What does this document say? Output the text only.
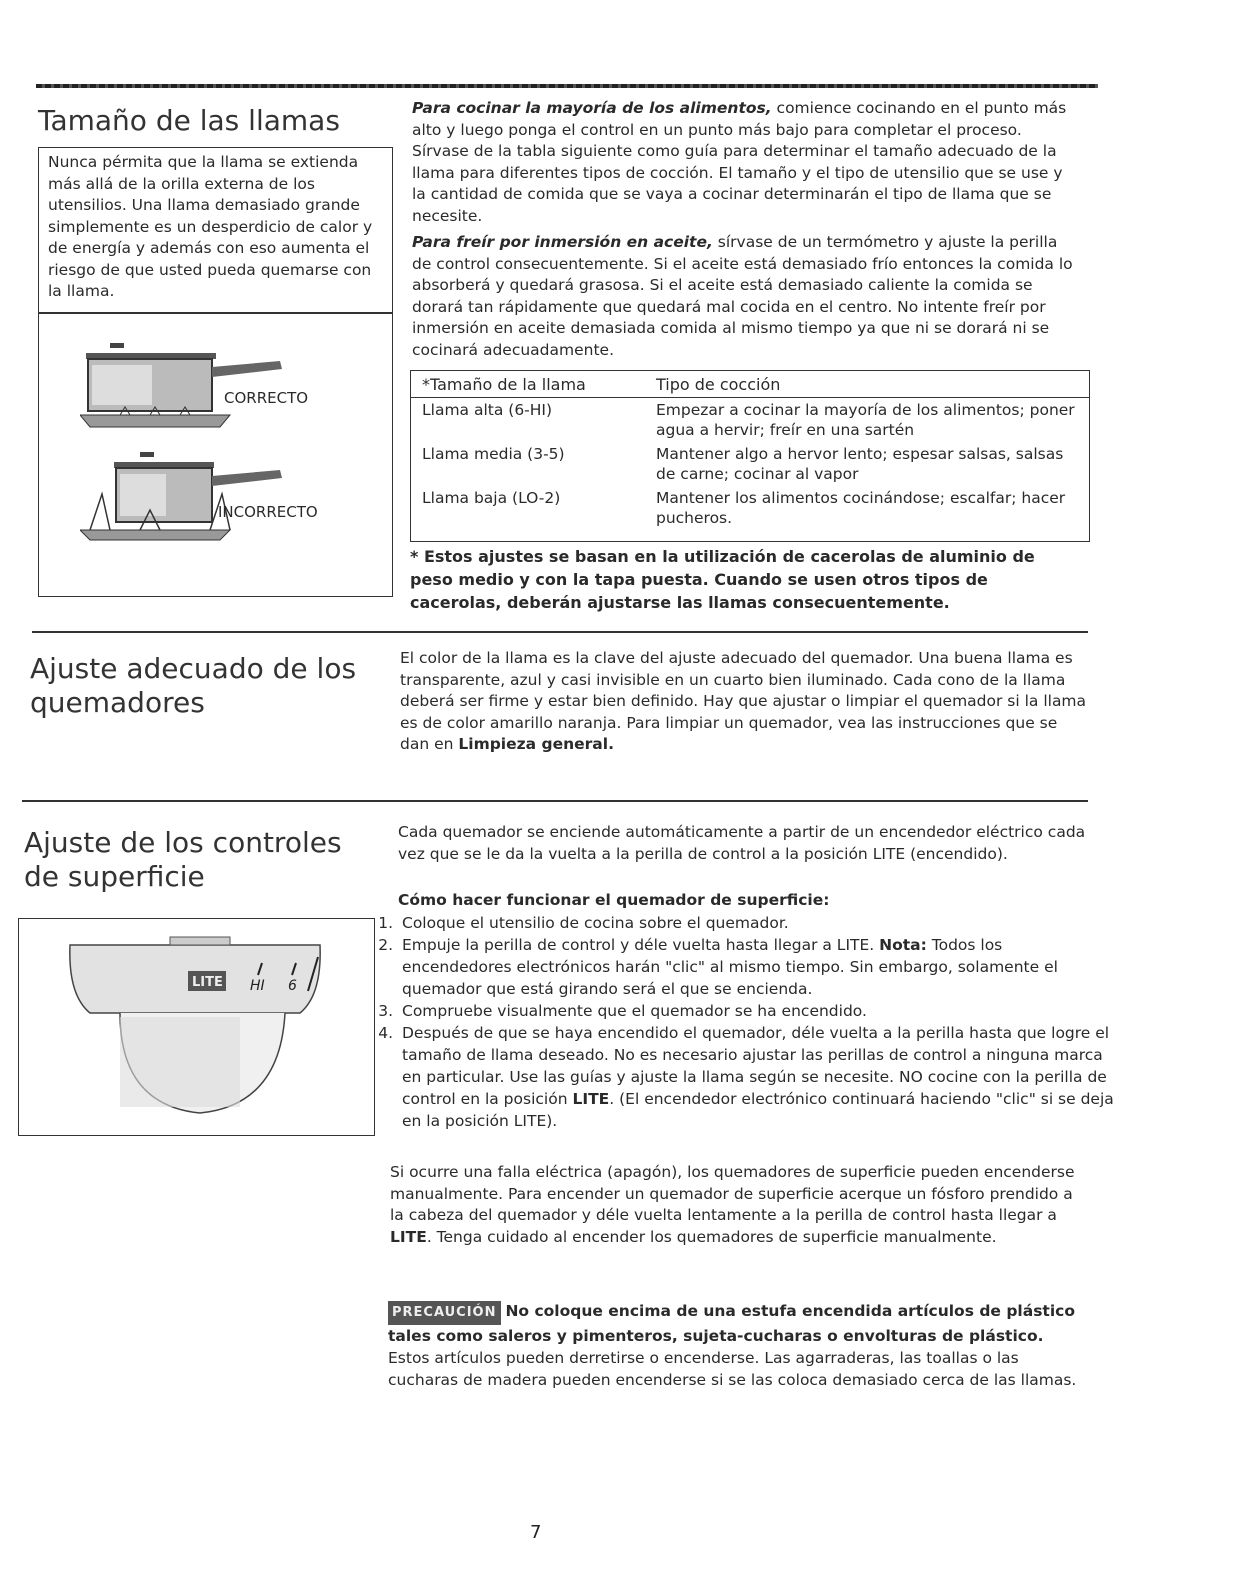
Tamaño de las llamas

Nunca pérmita que la llama se extienda más allá de la orilla externa de los utensilios. Una llama demasiado grande simplemente es un desperdicio de calor y de energía y además con eso aumenta el riesgo de que usted pueda quemarse con la llama.

CORRECTO
INCORRECTO

Para cocinar la mayoría de los alimentos, comience cocinando en el punto más alto y luego ponga el control en un punto más bajo para completar el proceso. Sírvase de la tabla siguiente como guía para determinar el tamaño adecuado de la llama para diferentes tipos de cocción. El tamaño y el tipo de utensilio que se use y la cantidad de comida que se vaya a cocinar determinarán el tipo de llama que se necesite.

Para freír por inmersión en aceite, sírvase de un termómetro y ajuste la perilla de control consecuentemente. Si el aceite está demasiado frío entonces la comida lo absorberá y quedará grasosa. Si el aceite está demasiado caliente la comida se dorará tan rápidamente que quedará mal cocida en el centro. No intente freír por inmersión en aceite demasiada comida al mismo tiempo ya que ni se dorará ni se cocinará adecuadamente.

*Tamaño de la llama	Tipo de cocción
Llama alta (6-HI)	Empezar a cocinar la mayoría de los alimentos; poner agua a hervir; freír en una sartén
Llama media (3-5)	Mantener algo a hervor lento; espesar salsas, salsas de carne; cocinar al vapor
Llama baja (LO-2)	Mantener los alimentos cocinándose; escalfar; hacer pucheros.
* Estos ajustes se basan en la utilización de cacerolas de aluminio de peso medio y con la tapa puesta. Cuando se usen otros tipos de cacerolas, deberán ajustarse las llamas consecuentemente.
Ajuste adecuado de los quemadores

El color de la llama es la clave del ajuste adecuado del quemador. Una buena llama es transparente, azul y casi invisible en un cuarto bien iluminado. Cada cono de la llama deberá ser firme y estar bien definido. Hay que ajustar o limpiar el quemador si la llama es de color amarillo naranja. Para limpiar un quemador, vea las instrucciones que se dan en Limpieza general.

Ajuste de los controles de superficie
LITE HI 6

Cada quemador se enciende automáticamente a partir de un encendedor eléctrico cada vez que se le da la vuelta a la perilla de control a la posición LITE (encendido).

Cómo hacer funcionar el quemador de superficie:

1. Coloque el utensilio de cocina sobre el quemador.
2. Empuje la perilla de control y déle vuelta hasta llegar a LITE. Nota: Todos los encendedores electrónicos harán "clic" al mismo tiempo. Sin embargo, solamente el quemador que está girando será el que se encienda.
3. Compruebe visualmente que el quemador se ha encendido.
4. Después de que se haya encendido el quemador, déle vuelta a la perilla hasta que logre el tamaño de llama deseado. No es necesario ajustar las perillas de control a ninguna marca en particular. Use las guías y ajuste la llama según se necesite. NO cocine con la perilla de control en la posición LITE. (El encendedor electrónico continuará haciendo "clic" si se deja en la posición LITE).

Si ocurre una falla eléctrica (apagón), los quemadores de superficie pueden encenderse manualmente. Para encender un quemador de superficie acerque un fósforo prendido a la cabeza del quemador y déle vuelta lentamente a la perilla de control hasta llegar a LITE. Tenga cuidado al encender los quemadores de superficie manualmente.

PRECAUCIÓN No coloque encima de una estufa encendida artículos de plástico tales como saleros y pimenteros, sujeta-cucharas o envolturas de plástico. Estos artículos pueden derretirse o encenderse. Las agarraderas, las toallas o las cucharas de madera pueden encenderse si se las coloca demasiado cerca de las llamas.

7
